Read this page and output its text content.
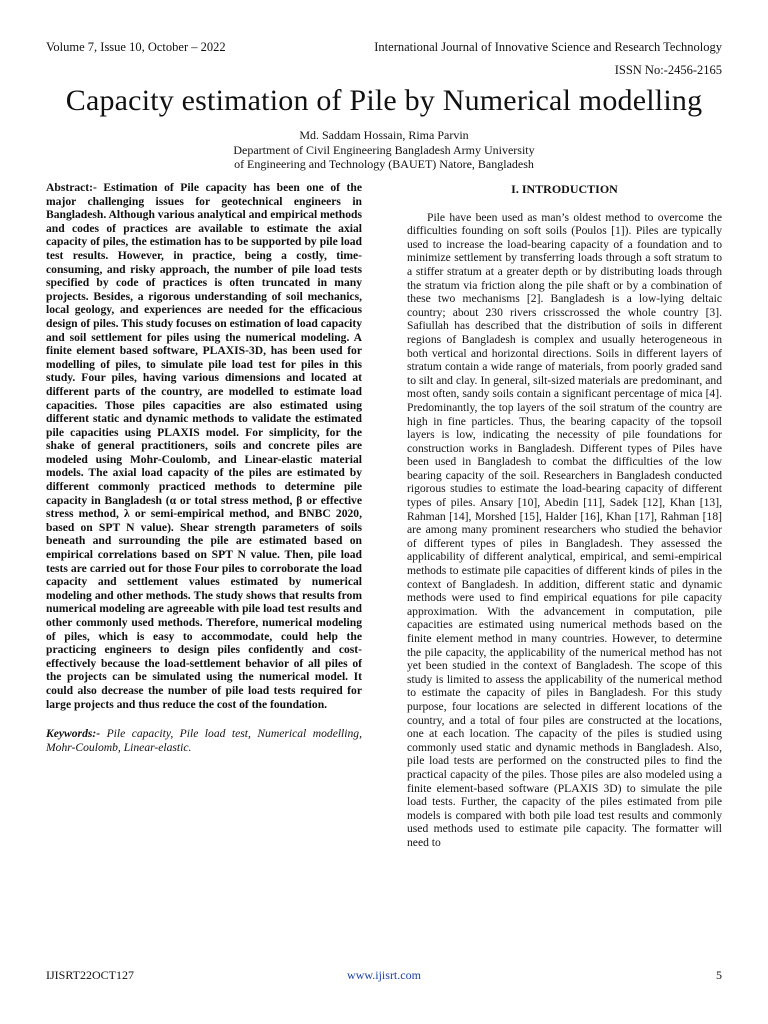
Volume 7, Issue 10, October – 2022	International Journal of Innovative Science and Research Technology
ISSN No:-2456-2165
Capacity estimation of Pile by Numerical modelling
Md. Saddam Hossain, Rima Parvin
Department of Civil Engineering Bangladesh Army University
of Engineering and Technology (BAUET) Natore, Bangladesh

Abstract:- Estimation of Pile capacity has been one of the major challenging issues for geotechnical engineers in Bangladesh. Although various analytical and empirical methods and codes of practices are available to estimate the axial capacity of piles, the estimation has to be supported by pile load test results. However, in practice, being a costly, time-consuming, and risky approach, the number of pile load tests specified by code of practices is often truncated in many projects. Besides, a rigorous understanding of soil mechanics, local geology, and experiences are needed for the efficacious design of piles. This study focuses on estimation of load capacity and soil settlement for piles using the numerical modeling. A finite element based software, PLAXIS-3D, has been used for modelling of piles, to simulate pile load test for piles in this study. Four piles, having various dimensions and located at different parts of the country, are modelled to estimate load capacities. Those piles capacities are also estimated using different static and dynamic methods to validate the estimated pile capacities using PLAXIS model. For simplicity, for the shake of general practitioners, soils and concrete piles are modeled using Mohr-Coulomb, and Linear-elastic material models. The axial load capacity of the piles are estimated by different commonly practiced methods to determine pile capacity in Bangladesh (α or total stress method, β or effective stress method, λ or semi-empirical method, and BNBC 2020, based on SPT N value). Shear strength parameters of soils beneath and surrounding the pile are estimated based on empirical correlations based on SPT N value. Then, pile load tests are carried out for those Four piles to corroborate the load capacity and settlement values estimated by numerical modeling and other methods. The study shows that results from numerical modeling are agreeable with pile load test results and other commonly used methods. Therefore, numerical modeling of piles, which is easy to accommodate, could help the practicing engineers to design piles confidently and cost-effectively because the load-settlement behavior of all piles of the projects can be simulated using the numerical model. It could also decrease the number of pile load tests required for large projects and thus reduce the cost of the foundation.

Keywords:- Pile capacity, Pile load test, Numerical modelling, Mohr-Coulomb, Linear-elastic.

I. INTRODUCTION

Pile have been used as man’s oldest method to overcome the difficulties founding on soft soils (Poulos [1]). Piles are typically used to increase the load-bearing capacity of a foundation and to minimize settlement by transferring loads through a soft stratum to a stiffer stratum at a greater depth or by distributing loads through the stratum via friction along the pile shaft or by a combination of these two mechanisms [2]. Bangladesh is a low-lying deltaic country; about 230 rivers crisscrossed the whole country [3]. Safiullah has described that the distribution of soils in different regions of Bangladesh is complex and usually heterogeneous in both vertical and horizontal directions. Soils in different layers of stratum contain a wide range of materials, from poorly graded sand to silt and clay. In general, silt-sized materials are predominant, and most often, sandy soils contain a significant percentage of mica [4]. Predominantly, the top layers of the soil stratum of the country are high in fine particles. Thus, the bearing capacity of the topsoil layers is low, indicating the necessity of pile foundations for construction works in Bangladesh. Different types of Piles have been used in Bangladesh to combat the difficulties of the low bearing capacity of the soil. Researchers in Bangladesh conducted rigorous studies to estimate the load-bearing capacity of different types of piles. Ansary [10], Abedin [11], Sadek [12], Khan [13], Rahman [14], Morshed [15], Halder [16], Khan [17], Rahman [18] are among many prominent researchers who studied the behavior of different types of piles in Bangladesh. They assessed the applicability of different analytical, empirical, and semi-empirical methods to estimate pile capacities of different kinds of piles in the context of Bangladesh. In addition, different static and dynamic methods were used to find empirical equations for pile capacity approximation. With the advancement in computation, pile capacities are estimated using numerical methods based on the finite element method in many countries. However, to determine the pile capacity, the applicability of the numerical method has not yet been studied in the context of Bangladesh. The scope of this study is limited to assess the applicability of the numerical method to estimate the capacity of piles in Bangladesh. For this study purpose, four locations are selected in different locations of the country, and a total of four piles are constructed at the locations, one at each location. The capacity of the piles is studied using commonly used static and dynamic methods in Bangladesh. Also, pile load tests are performed on the constructed piles to find the practical capacity of the piles. Those piles are also modeled using a finite element-based software (PLAXIS 3D) to simulate the pile load tests. Further, the capacity of the piles estimated from pile models is compared with both pile load test results and commonly used methods used to estimate pile capacity. The formatter will need to

IJISRT22OCT127	www.ijisrt.com	5
